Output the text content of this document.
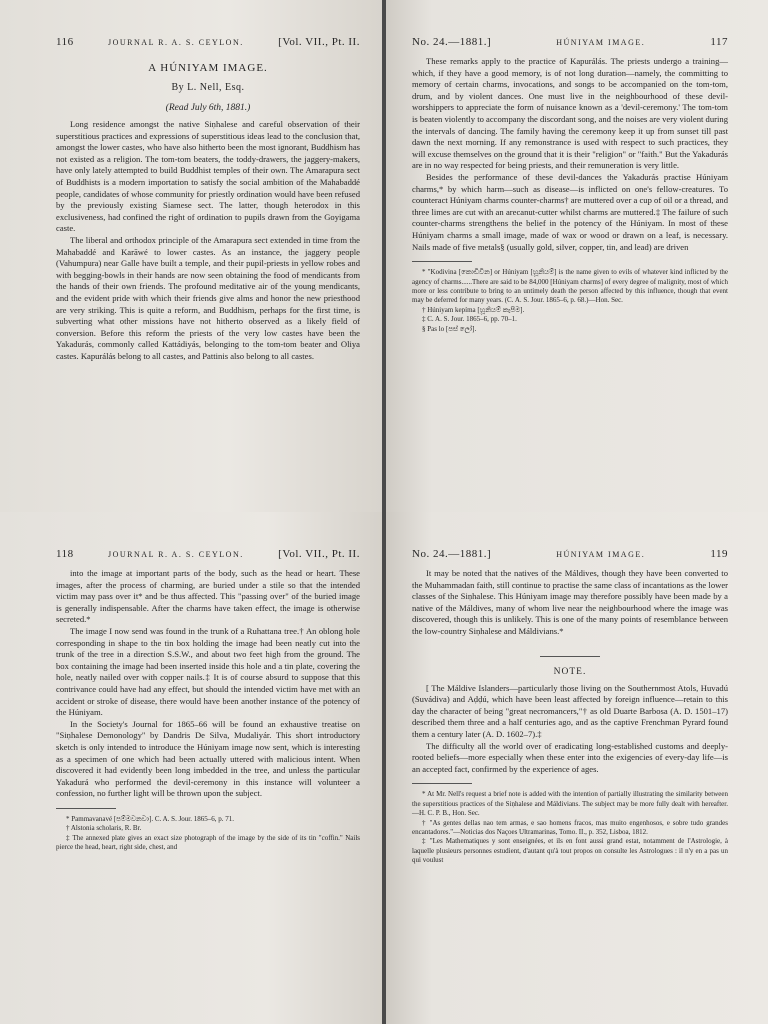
116	JOURNAL R. A. S. CEYLON.	[Vol. VII., Pt. II.
A HÚNIYAM IMAGE.
By L. Nell, Esq.
(Read July 6th, 1881.)

Long residence amongst the native Siṇhalese and careful observation of their superstitious practices and expressions of superstitious ideas lead to the conclusion that, amongst the lower castes, who have also hitherto been the most ignorant, Buddhism has not existed as a religion. The tom-tom beaters, the toddy-drawers, the jaggery-makers, have only lately attempted to build Buddhist temples of their own. The Amarapura sect of Buddhists is a modern importation to satisfy the social ambition of the Mahabaddé people, candidates of whose community for priestly ordination would have been refused by the previously existing Siamese sect. The latter, though heterodox in this exclusiveness, had confined the right of ordination to pupils drawn from the Goyigama caste.

The liberal and orthodox principle of the Amarapura sect extended in time from the Mahabaddé and Karāwé to lower castes. As an instance, the jaggery people (Vahumpura) near Galle have built a temple, and their pupil-priests in yellow robes and with begging-bowls in their hands are now seen obtaining the food of mendicants from the hands of their own friends. The profound meditative air of the young mendicants, and the evident pride with which their friends give alms and honor the new priesthood are very striking. This is quite a reform, and Buddhism, perhaps for the first time, is subverting what other missions have not hitherto observed as a likely field of conversion. Before this reform the priests of the very low castes have been the Yakadurás, commonly called Kattádiyás, belonging to the tom-tom beater and Oliya castes. Kapurálás belong to all castes, and Pattinis also belong to all castes.

No. 24.—1881.]	HÚNIYAM IMAGE.	117

These remarks apply to the practice of Kapurálás. The priests undergo a training—which, if they have a good memory, is of not long duration—namely, the committing to memory of certain charms, invocations, and songs to be accompanied on the tom-tom, drum, and by violent dances. One must live in the neighbourhood of these devil-worshippers to appreciate the form of nuisance known as a 'devil-ceremony.' The tom-tom is beaten violently to accompany the discordant song, and the noises are very violent during the intervals of dancing. The family having the ceremony keep it up from sunset till past dawn the next morning. If any remonstrance is used with respect to such practices, they will excuse themselves on the ground that it is their "religion" or "faith." But the Yakadurás are in no way respected for being priests, and their remuneration is very little.

Besides the performance of these devil-dances the Yakadurás practise Húniyam charms,* by which harm—such as disease—is inflicted on one's fellow-creatures. To counteract Húniyam charms counter-charms† are muttered over a cup of oil or a thread, and three limes are cut with an arecanut-cutter whilst charms are muttered.‡ The failure of such counter-charms strengthens the belief in the potency of the Húniyam. In most of these Húniyam charms a small image, made of wax or wood or drawn on a leaf, is necessary. Nails made of five metals§ (usually gold, silver, copper, tin, and lead) are driven

* "Kodivina [කොඩිවින] or Húniyam [හූනියම්] is the name given to evils of whatever kind inflicted by the agency of charms......There are said to be 84,000 [Húniyam charms] of every degree of malignity, most of which more or less contribute to bring to an untimely death the person affected by this influence, though that event may be deferred for many years. (C. A. S. Jour. 1865–6, p. 68.)—Hon. Sec.
† Húniyam kepíma [හූනියම් කැපීම].
‡ C. A. S. Jour. 1865–6, pp. 70–1.
§ Pas lo [පස් ලෝ].
118	JOURNAL R. A. S. CEYLON.	[Vol. VII., Pt. II.

into the image at important parts of the body, such as the head or heart. These images, after the process of charming, are buried under a stile so that the intended victim may pass over it* and be thus affected. This "passing over" of the buried image is generally indispensable. After the charms have taken effect, the image is otherwise secreted.*

The image I now send was found in the trunk of a Ruhattana tree.† An oblong hole corresponding in shape to the tin box holding the image had been neatly cut into the trunk of the tree in a direction S.S.W., and about two feet high from the ground. The box containing the image had been inserted inside this hole and a tin plate, covering the hole, neatly nailed over with copper nails.‡ It is of course absurd to suppose that this contrivance could have had any effect, but should the intended victim have met with an accident or stroke of disease, there would have been another instance of the potency of the Húniyam.

In the Society's Journal for 1865–66 will be found an exhaustive treatise on "Siṇhalese Demonology" by Dandris De Silva, Mudaliyár. This short introductory sketch is only intended to introduce the Húniyam image now sent, which is interesting as a specimen of one which had been actually uttered with malicious intent. When discovered it had evidently been long imbedded in the tree, and unless the particular Yakadurá who performed the devil-ceremony in this instance will volunteer a confession, no further light will be thrown upon the subject.

* Pammavanavé [පම්මවනවා]. C. A. S. Jour. 1865–6, p. 71.
† Alstonia scholaris, R. Br.
‡ The annexed plate gives an exact size photograph of the image by the side of its tin "coffin." Nails pierce the head, heart, right side, chest, and
No. 24.—1881.]	HÚNIYAM IMAGE.	119

It may be noted that the natives of the Máldives, though they have been converted to the Muhammadan faith, still continue to practise the same class of incantations as the lower classes of the Siṇhalese. This Húniyam image may therefore possibly have been made by a native of the Máldives, many of whom live near the neighbourhood where the image was discovered, though this is unlikely. This is one of the many points of resemblance between the low-country Siṇhalese and Máldivians.*

NOTE.

[ The Máldive Islanders—particularly those living on the Southernmost Atols, Huvadú (Suvádiva) and Aḍḍú, which have been least affected by foreign influence—retain to this day the character of being "great necromancers,"† as old Duarte Barbosa (A. D. 1501–17) described them three and a half centuries ago, and as the captive Frenchman Pyrard found them a century later (A. D. 1602–7).‡

The difficulty all the world over of eradicating long-established customs and deeply-rooted beliefs—more especially when these enter into the exigencies of every-day life—is an accepted fact, confirmed by the experience of ages.

* At Mr. Nell's request a brief note is added with the intention of partially illustrating the similarity between the superstitious practices of the Siṇhalese and Máldivians. The subject may be more fully dealt with hereafter.—H. C. P. B., Hon. Sec.
† "As gentes dellas nao tem armas, e sao homens fracos, mas muito engenhosos, e sobre tudo grandes encantadores."—Noticias dos Naçoes Ultramarinas, Tomo. II., p. 352, Lisboa, 1812.
‡ "Les Mathematiques y sont enseignées, et ils en font aussi grand estat, notamment de l'Astrologie, à laquelle plusieurs personnes estudient, d'autant qu'à tout propos on consulte les Astrologues : il n'y en a pas un qui voulust
